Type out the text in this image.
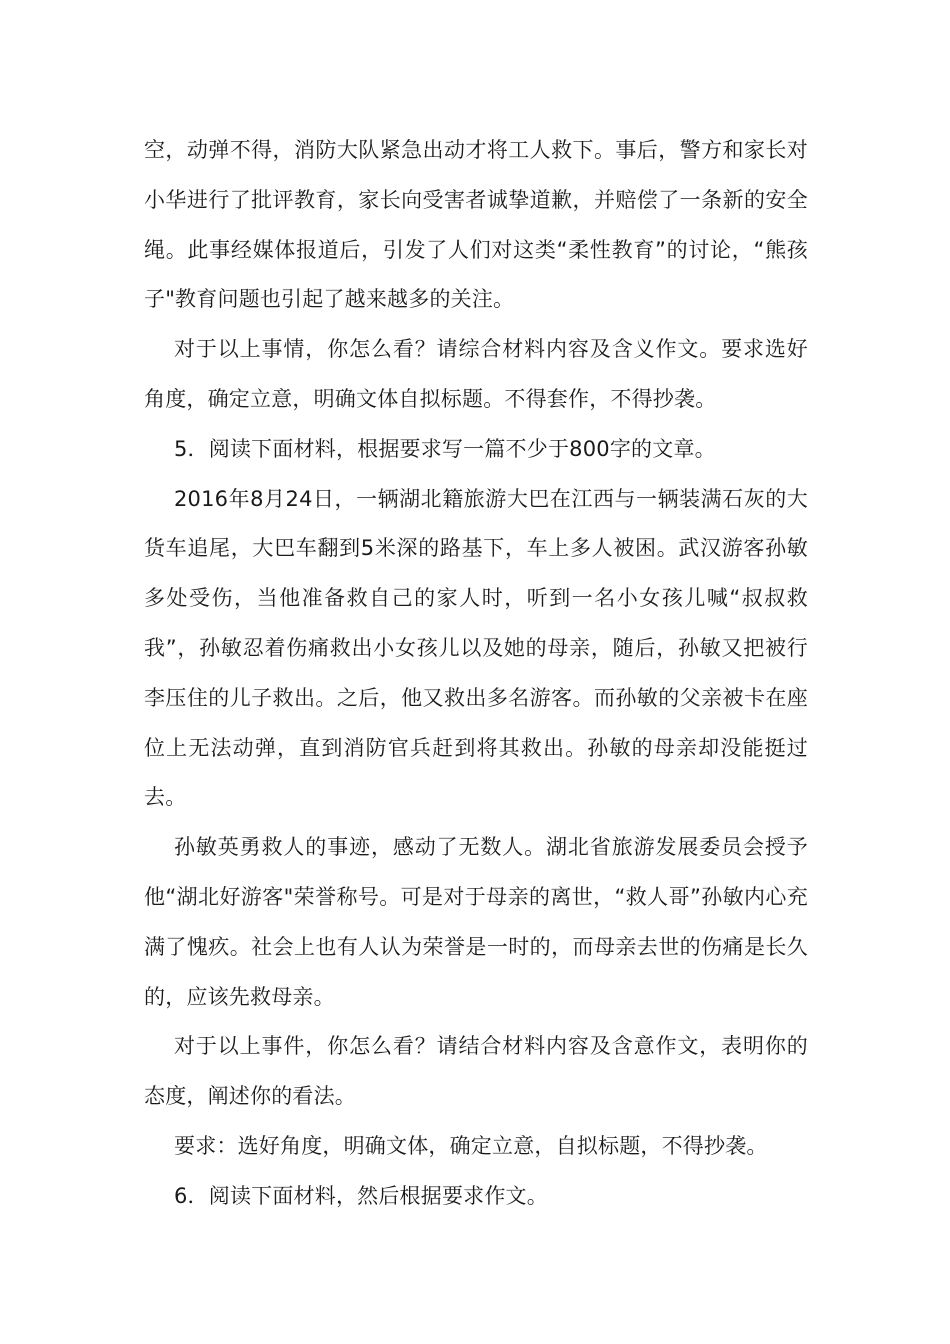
空，动弹不得，消防大队紧急出动才将工人救下。事后，警方和家长对小华进行了批评教育，家长向受害者诚挚道歉，并赔偿了一条新的安全绳。此事经媒体报道后，引发了人们对这类“柔性教育”的讨论，“熊孩子"教育问题也引起了越来越多的关注。

对于以上事情，你怎么看？请综合材料内容及含义作文。要求选好角度，确定立意，明确文体自拟标题。不得套作，不得抄袭。

5．阅读下面材料，根据要求写一篇不少于800字的文章。

2016年8月24日，一辆湖北籍旅游大巴在江西与一辆装满石灰的大货车追尾，大巴车翻到5米深的路基下，车上多人被困。武汉游客孙敏多处受伤，当他准备救自己的家人时，听到一名小女孩儿喊“叔叔救我”，孙敏忍着伤痛救出小女孩儿以及她的母亲，随后，孙敏又把被行李压住的儿子救出。之后，他又救出多名游客。而孙敏的父亲被卡在座位上无法动弹，直到消防官兵赶到将其救出。孙敏的母亲却没能挺过去。

孙敏英勇救人的事迹，感动了无数人。湖北省旅游发展委员会授予他“湖北好游客"荣誉称号。可是对于母亲的离世，“救人哥”孙敏内心充满了愧疚。社会上也有人认为荣誉是一时的，而母亲去世的伤痛是长久的，应该先救母亲。

对于以上事件，你怎么看？请结合材料内容及含意作文，表明你的态度，阐述你的看法。

要求：选好角度，明确文体，确定立意，自拟标题，不得抄袭。

6．阅读下面材料，然后根据要求作文。
